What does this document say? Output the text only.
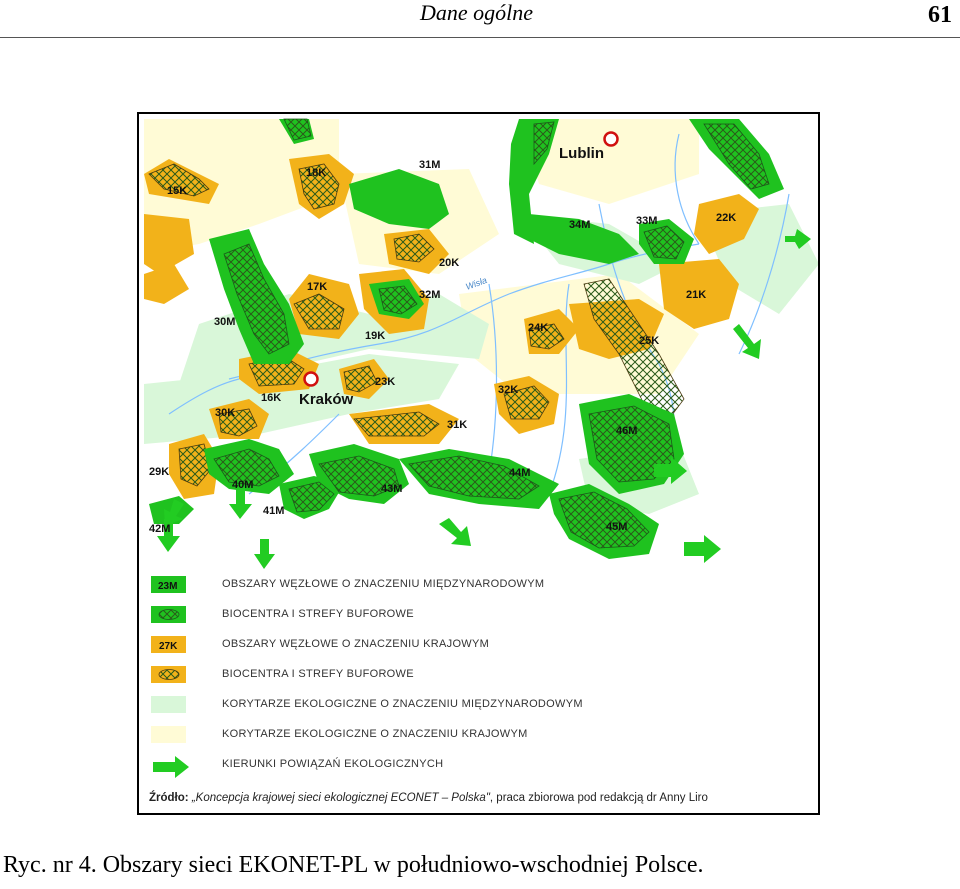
Dane ogólne	61
Lublin
Kraków
Wisła
15K
18K
31M
34M	33M	22K
20K
17K
32M	21K
30M
19K
24K
25K
23K
16K
32K
30K
46M
31K
29K
40M	43M
44M
41M
42M	45M
23M
27K
OBSZARY WĘZŁOWE O ZNACZENIU MIĘDZYNARODOWYM
BIOCENTRA I STREFY BUFOROWE
OBSZARY WĘZŁOWE O ZNACZENIU KRAJOWYM
BIOCENTRA I STREFY BUFOROWE
KORYTARZE EKOLOGICZNE O ZNACZENIU MIĘDZYNARODOWYM
KORYTARZE EKOLOGICZNE O ZNACZENIU KRAJOWYM
KIERUNKI POWIĄZAŃ EKOLOGICZNYCH
Źródło: „Koncepcja krajowej sieci ekologicznej ECONET – Polska", praca zbiorowa pod redakcją dr Anny Liro
Ryc. nr 4. Obszary sieci EKONET-PL w południowo-wschodniej Polsce.
